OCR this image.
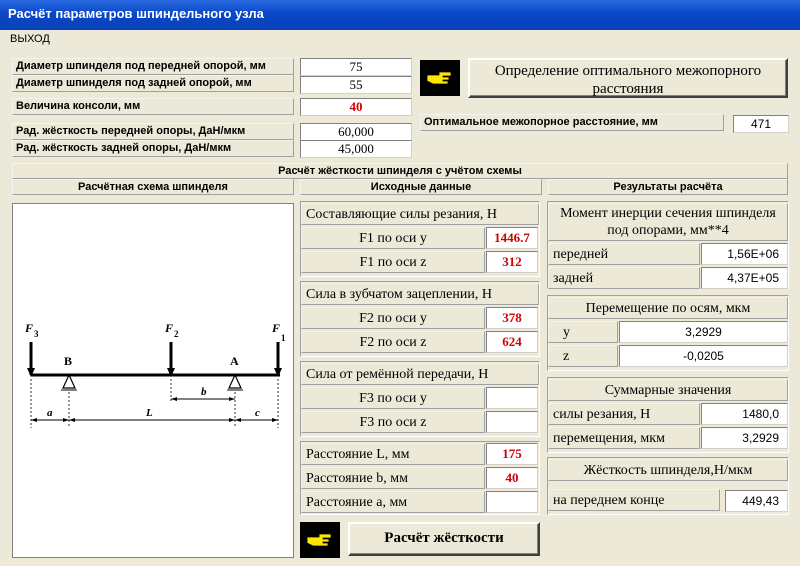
Расчёт параметров шпиндельного узла
ВЫХОД
Диаметр шпинделя под передней опорой, мм	75
Диаметр шпинделя под задней опорой, мм	55
Величина консоли, мм	40
Рад. жёсткость передней опоры, ДаН/мкм	60,000
Рад. жёсткость задней опоры, ДаН/мкм	45,000
Определение оптимального межопорного расстояния
Оптимальное межопорное расстояние, мм	471
Расчёт жёсткости шпинделя с учётом схемы
Расчётная схема шпинделя	Исходные данные	Результаты расчёта
F 3	F 2	F
1
B	A
a	L
b
c
Составляющие силы резания, Н
F1 по оси y	1446.7
F1 по оси z	312
Сила в зубчатом зацеплении, Н
F2 по оси y	378
F2 по оси z	624
Сила от ремённой передачи, Н
F3 по оси y
F3 по оси z
Расстояние L, мм	175
Расстояние b, мм	40
Расстояние a, мм
Расчёт жёсткости
Момент инерции сечения шпинделя под опорами, мм**4
передней	1,56E+06
задней	4,37E+05
Перемещение по осям, мкм
y	3,2929
z	-0,0205
Суммарные значения
силы резания, Н	1480,0
перемещения, мкм	3,2929
Жёсткость шпинделя,Н/мкм
на переднем конце	449,43
